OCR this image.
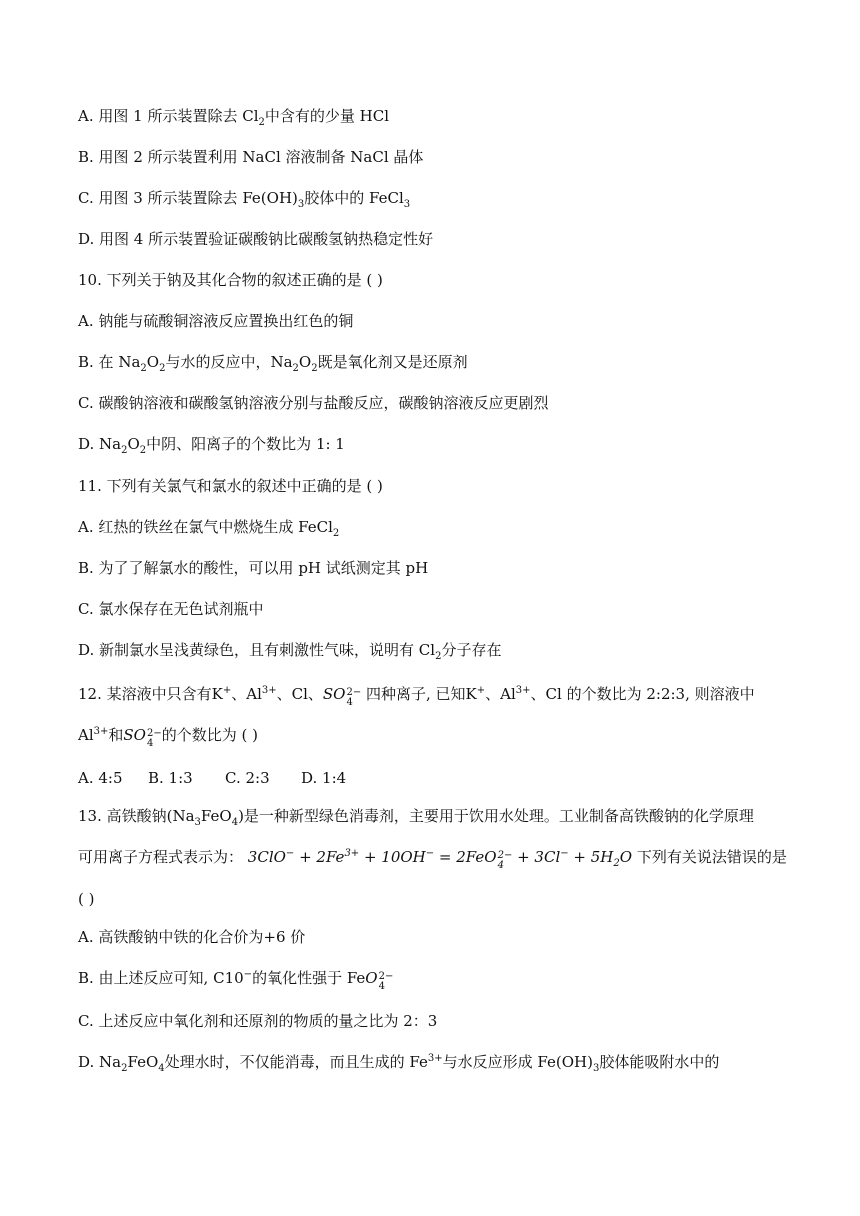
A. 用图 1 所示装置除去 $Cl_2$中含有的少量 HCl
B. 用图 2 所示装置利用 NaCl 溶液制备 NaCl 晶体
C. 用图 3 所示装置除去 $Fe(OH)_3$胶体中的 FeCl$_3$
D. 用图 4 所示装置验证碳酸钠比碳酸氢钠热稳定性好
10. 下列关于钠及其化合物的叙述正确的是 ( )
A. 钠能与硫酸铜溶液反应置换出红色的铜
B. 在 $Na_2O_2$与水的反应中，$Na_2O_2$既是氧化剂又是还原剂
C. 碳酸钠溶液和碳酸氢钠溶液分别与盐酸反应，碳酸钠溶液反应更剧烈
D. $Na_2O_2$中阴、阳离子的个数比为 1: 1
11. 下列有关氯气和氯水的叙述中正确的是 ( )
A. 红热的铁丝在氯气中燃烧生成 FeCl$_2$
B. 为了了解氯水的酸性，可以用 pH 试纸测定其 pH
C. 氯水保存在无色试剂瓶中
D. 新制氯水呈浅黄绿色，且有刺激性气味，说明有 $Cl_2$分子存在
12. 某溶液中只含有K+、$Al^{3+}$、Cl、SO 2−
4 四种离子, 已知K+、$Al^{3+}$、Cl 的个数比为 2:2:3, 则溶液中
$Al^{3+}$和SO 2−
4 的个数比为 ( )
A. 4:5 B. 1:3 C. 2:3 D. 1:4
13. 高铁酸钠$(Na_3FeO_4)$是一种新型绿色消毒剂，主要用于饮用水处理。工业制备高铁酸钠的化学原理
可用离子方程式表示为： $3ClO^- + 2Fe^{3+} + 10OH^- = 2FeO$ 2−
$4 + 3Cl^- + 5H_2O$ 下列有关说法错误的是
( )
A. 高铁酸钠中铁的化合价为+6 价
B. 由上述反应可知, C10−的氧化性强于 FeO 2−
4
C. 上述反应中氧化剂和还原剂的物质的量之比为 2：3
D. $Na_2FeO_4$处理水时，不仅能消毒，而且生成的 $Fe^{3+}$与水反应形成 $Fe(OH)_3$胶体能吸附水中的
